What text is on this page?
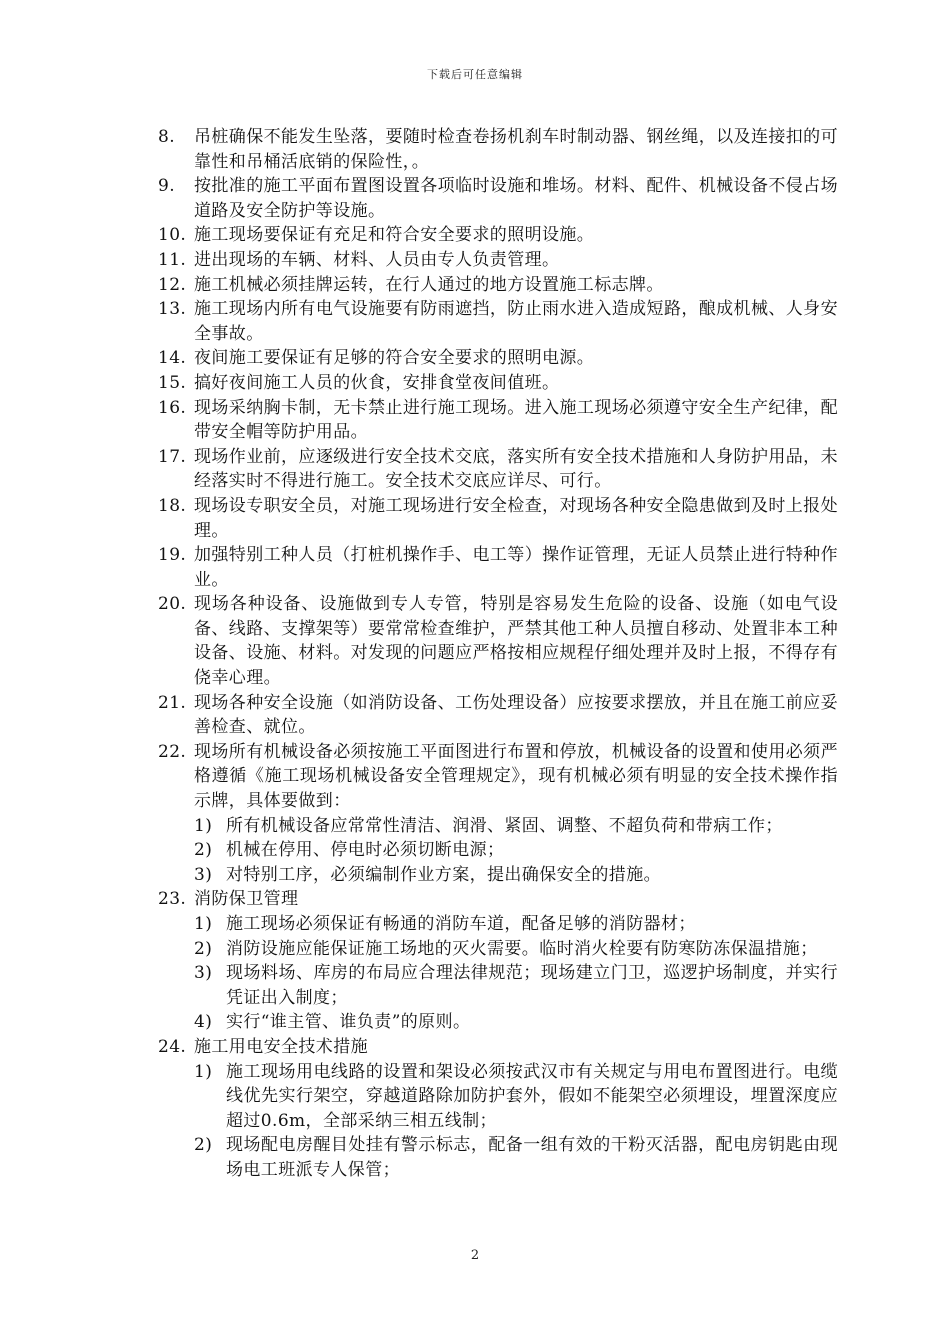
下载后可任意编辑
8.	吊桩确保不能发生坠落，要随时检查卷扬机刹车时制动器、钢丝绳，以及连接扣的可靠性和吊桶活底销的保险性，。
9.	按批准的施工平面布置图设置各项临时设施和堆场。材料、配件、机械设备不侵占场道路及安全防护等设施。
10. 施工现场要保证有充足和符合安全要求的照明设施。
11. 进出现场的车辆、材料、人员由专人负责管理。
12. 施工机械必须挂牌运转，在行人通过的地方设置施工标志牌。
13. 施工现场内所有电气设施要有防雨遮挡，防止雨水进入造成短路，酿成机械、人身安全事故。
14. 夜间施工要保证有足够的符合安全要求的照明电源。
15. 搞好夜间施工人员的伙食，安排食堂夜间值班。
16. 现场采纳胸卡制，无卡禁止进行施工现场。进入施工现场必须遵守安全生产纪律，配带安全帽等防护用品。
17. 现场作业前，应逐级进行安全技术交底，落实所有安全技术措施和人身防护用品，未经落实时不得进行施工。安全技术交底应详尽、可行。
18. 现场设专职安全员，对施工现场进行安全检查，对现场各种安全隐患做到及时上报处理。
19. 加强特别工种人员（打桩机操作手、电工等）操作证管理，无证人员禁止进行特种作业。
20. 现场各种设备、设施做到专人专管，特别是容易发生危险的设备、设施（如电气设备、线路、支撑架等）要常常检查维护，严禁其他工种人员擅自移动、处置非本工种设备、设施、材料。对发现的问题应严格按相应规程仔细处理并及时上报，不得存有侥幸心理。
21. 现场各种安全设施（如消防设备、工伤处理设备）应按要求摆放，并且在施工前应妥善检查、就位。
22. 现场所有机械设备必须按施工平面图进行布置和停放，机械设备的设置和使用必须严格遵循《施工现场机械设备安全管理规定》，现有机械必须有明显的安全技术操作指示牌，具体要做到：
1) 所有机械设备应常常性清洁、润滑、紧固、调整、不超负荷和带病工作；
2) 机械在停用、停电时必须切断电源；
3) 对特别工序，必须编制作业方案，提出确保安全的措施。
23. 消防保卫管理
1) 施工现场必须保证有畅通的消防车道，配备足够的消防器材；
2) 消防设施应能保证施工场地的灭火需要。临时消火栓要有防寒防冻保温措施；
3) 现场料场、库房的布局应合理法律规范；现场建立门卫，巡逻护场制度，并实行凭证出入制度；
4) 实行“谁主管、谁负责”的原则。
24. 施工用电安全技术措施
1) 施工现场用电线路的设置和架设必须按武汉市有关规定与用电布置图进行。电缆线优先实行架空，穿越道路除加防护套外，假如不能架空必须埋设，埋置深度应超过0.6m，全部采纳三相五线制；
2) 现场配电房醒目处挂有警示标志，配备一组有效的干粉灭活器，配电房钥匙由现场电工班派专人保管；
2
